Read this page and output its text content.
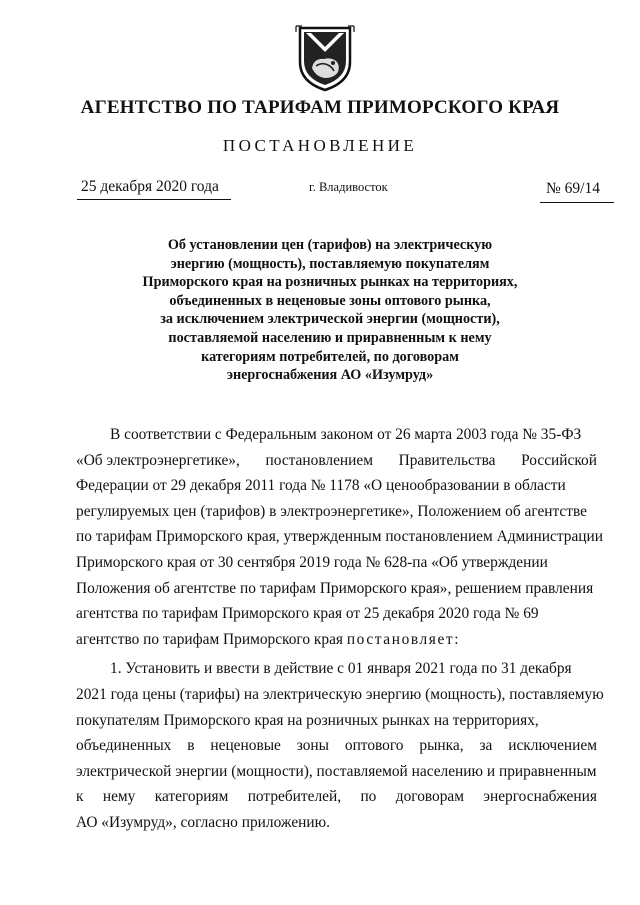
АГЕНТСТВО ПО ТАРИФАМ ПРИМОРСКОГО КРАЯ
ПОСТАНОВЛЕНИЕ
25 декабря 2020 года	г. Владивосток	№ 69/14
Об установлении цен (тарифов) на электрическую
энергию (мощность), поставляемую покупателям
Приморского края на розничных рынках на территориях,
объединенных в неценовые зоны оптового рынка,
за исключением электрической энергии (мощности),
поставляемой населению и приравненным к нему
категориям потребителей, по договорам
энергоснабжения АО «Изумруд»
В соответствии с Федеральным законом от 26 марта 2003 года № 35-ФЗ
«Об электроэнергетике», постановлением Правительства Российской
Федерации от 29 декабря 2011 года № 1178 «О ценообразовании в области
регулируемых цен (тарифов) в электроэнергетике», Положением об агентстве
по тарифам Приморского края, утвержденным постановлением Администрации
Приморского края от 30 сентября 2019 года № 628-па «Об утверждении
Положения об агентстве по тарифам Приморского края», решением правления
агентства по тарифам Приморского края от 25 декабря 2020 года № 69
агентство по тарифам Приморского края постановляет:
1. Установить и ввести в действие с 01 января 2021 года по 31 декабря
2021 года цены (тарифы) на электрическую энергию (мощность), поставляемую
покупателям Приморского края на розничных рынках на территориях,
объединенных в неценовые зоны оптового рынка, за исключением
электрической энергии (мощности), поставляемой населению и приравненным
к нему категориям потребителей, по договорам энергоснабжения
АО «Изумруд», согласно приложению.
